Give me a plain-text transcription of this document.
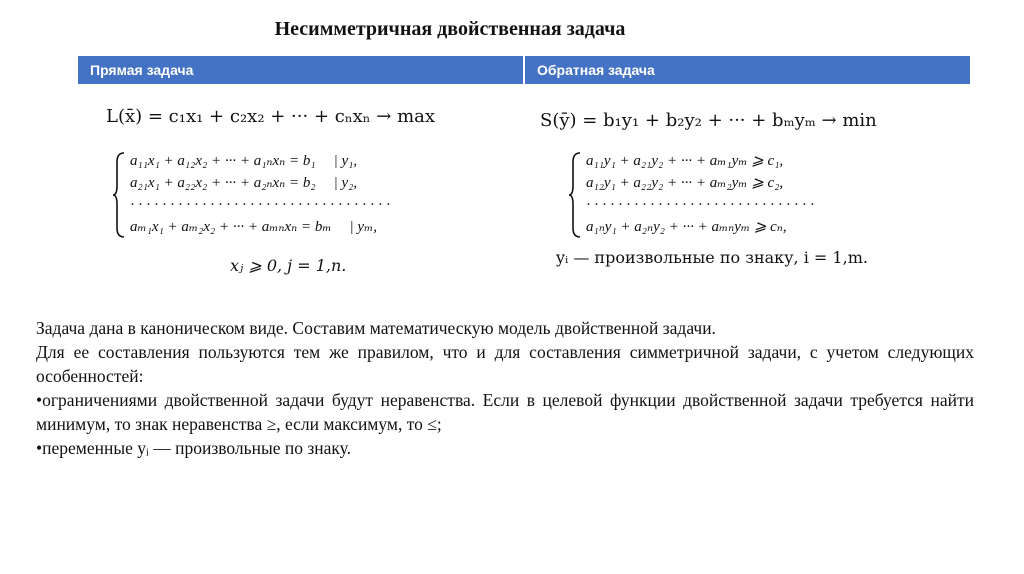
Несимметричная двойственная задача
Прямая задача	Обратная задача
L(x̄) = c₁x₁ + c₂x₂ + ··· + cₙxₙ → max
a₁₁x₁ + a₁₂x₂ + ··· + a₁ₙxₙ = b₁ | y₁,
a₂₁x₁ + a₂₂x₂ + ··· + a₂ₙxₙ = b₂ | y₂,
·································
aₘ₁x₁ + aₘ₂x₂ + ··· + aₘₙxₙ = bₘ | yₘ,
xⱼ ⩾ 0, j = 1,n.
S(ȳ) = b₁y₁ + b₂y₂ + ··· + bₘyₘ → min
a₁₁y₁ + a₂₁y₂ + ··· + aₘ₁yₘ ⩾ c₁,
a₁₂y₁ + a₂₂y₂ + ··· + aₘ₂yₘ ⩾ c₂,
·····························
a₁ₙy₁ + a₂ₙy₂ + ··· + aₘₙyₘ ⩾ cₙ,
yᵢ — произвольные по знаку, i = 1,m.

Задача дана в каноническом виде. Составим математическую модель двойственной задачи.

Для ее составления пользуются тем же правилом, что и для составления симметричной задачи, с учетом следующих особенностей:

•ограничениями двойственной задачи будут неравенства. Если в целевой функции двойственной задачи требуется найти минимум, то знак неравенства ≥, если максимум, то ≤;

•переменные yᵢ — произвольные по знаку.
